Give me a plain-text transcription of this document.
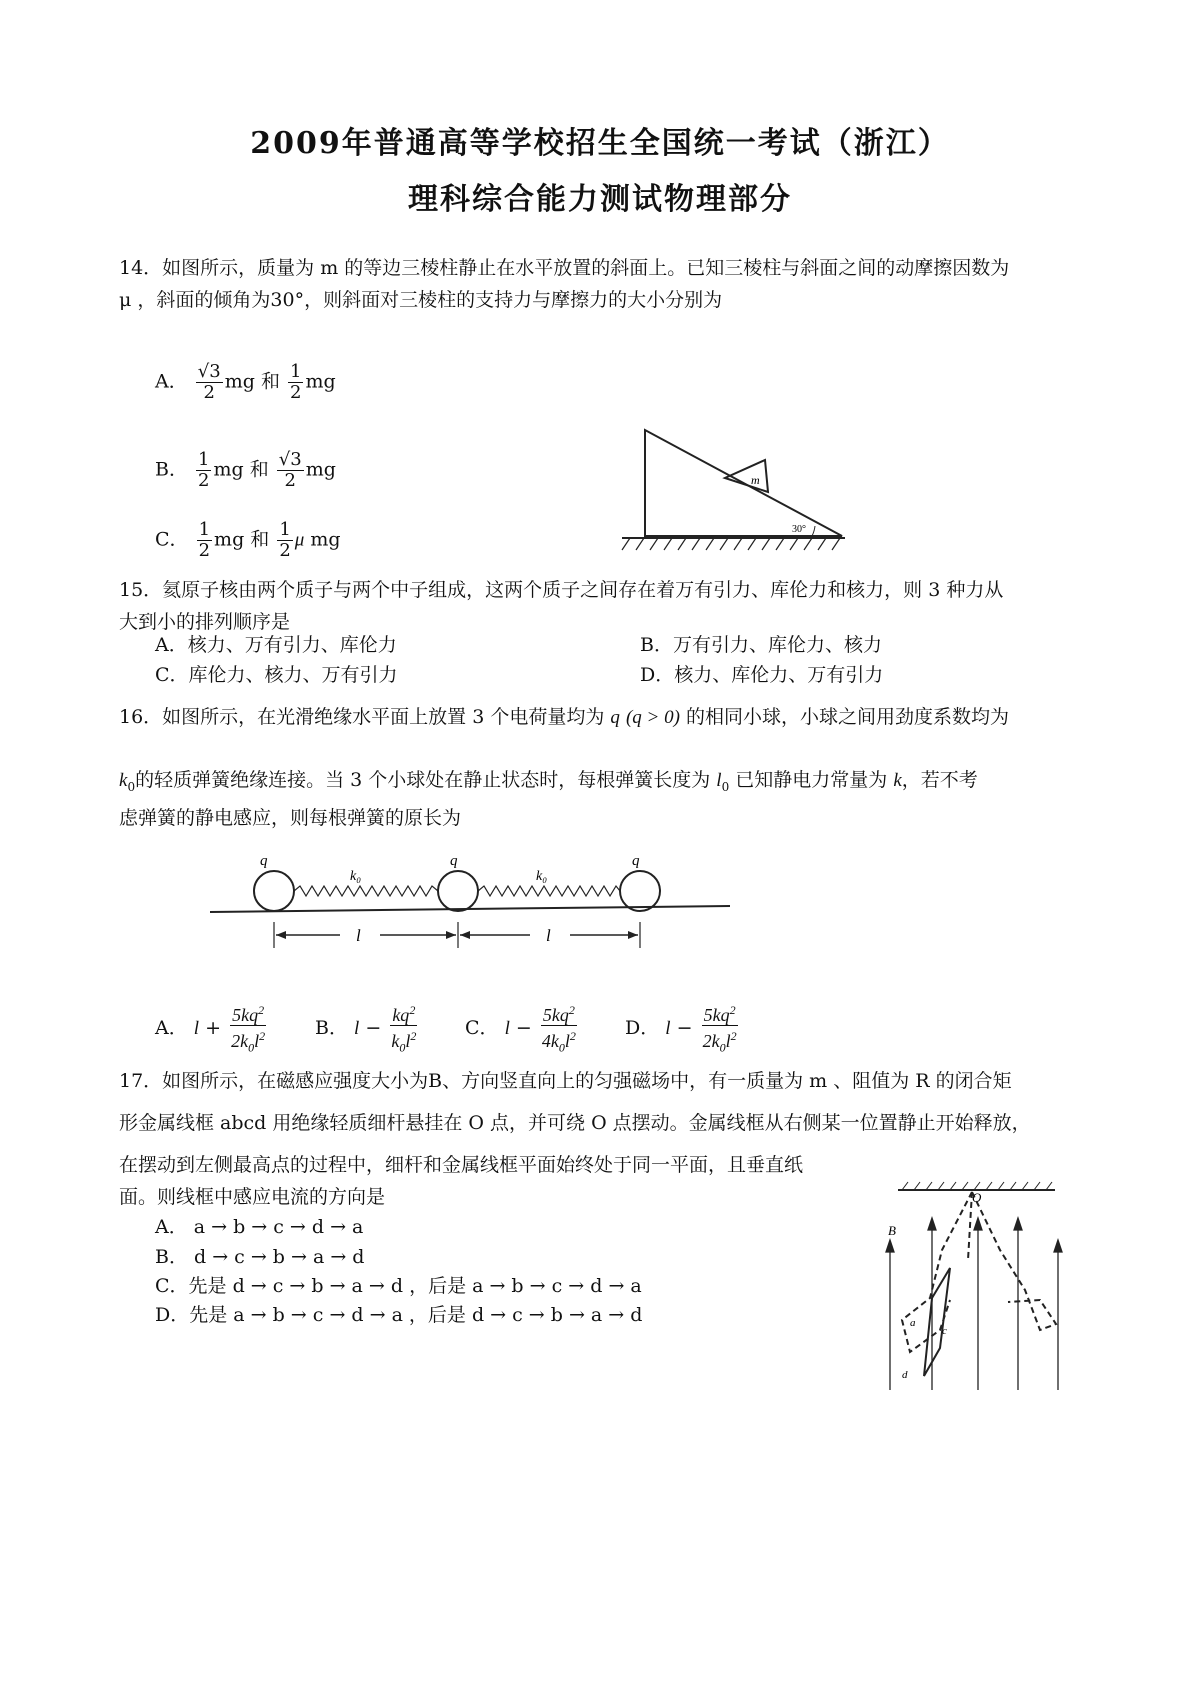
2009年普通高等学校招生全国统一考试（浙江）
理科综合能力测试物理部分
14．如图所示，质量为 m 的等边三棱柱静止在水平放置的斜面上。已知三棱柱与斜面之间的动摩擦因数为
μ ，斜面的倾角为30°，则斜面对三棱柱的支持力与摩擦力的大小分别为
A． $\frac{√3}{2}$ mg 和 $\frac{1}{2}$ mg
B． $\frac{1}{2}$ mg 和 $\frac{√3}{2}$ mg
C． $\frac{1}{2}$ mg 和 $\frac{1}{2}$ μ mg
m
30°
15．氦原子核由两个质子与两个中子组成，这两个质子之间存在着万有引力、库伦力和核力，则 3 种力从
大到小的排列顺序是
A．核力、万有引力、库伦力	B．万有引力、库伦力、核力
C．库伦力、核力、万有引力	D．核力、库伦力、万有引力
16．如图所示，在光滑绝缘水平面上放置 3 个电荷量均为 q (q > 0) 的相同小球，小球之间用劲度系数均为
$k_0$的轻质弹簧绝缘连接。当 3 个小球处在静止状态时，每根弹簧长度为 $l_0$ 已知静电力常量为 k，若不考
虑弹簧的静电感应，则每根弹簧的原长为
q	q	q
k₀	k₀
l	l
A． $l + \frac{5kq^2}{2k_0l^2}$	B． $l - \frac{kq^2}{k_0l^2}$ C． $l - \frac{5kq^2}{4k_0l^2}$ D． $l - \frac{5kq^2}{2k_0l^2}$
17．如图所示，在磁感应强度大小为B、方向竖直向上的匀强磁场中，有一质量为 m 、阻值为 R 的闭合矩
形金属线框 abcd 用绝缘轻质细杆悬挂在 O 点，并可绕 O 点摆动。金属线框从右侧某一位置静止开始释放，
在摆动到左侧最高点的过程中，细杆和金属线框平面始终处于同一平面，且垂直纸
面。则线框中感应电流的方向是
A． a → b → c → d → a
B． d → c → b → a → d
C．先是 d → c → b → a → d ，后是 a → b → c → d → a
D．先是 a → b → c → d → a ，后是 d → c → b → a → d
O
B
a
c
d
